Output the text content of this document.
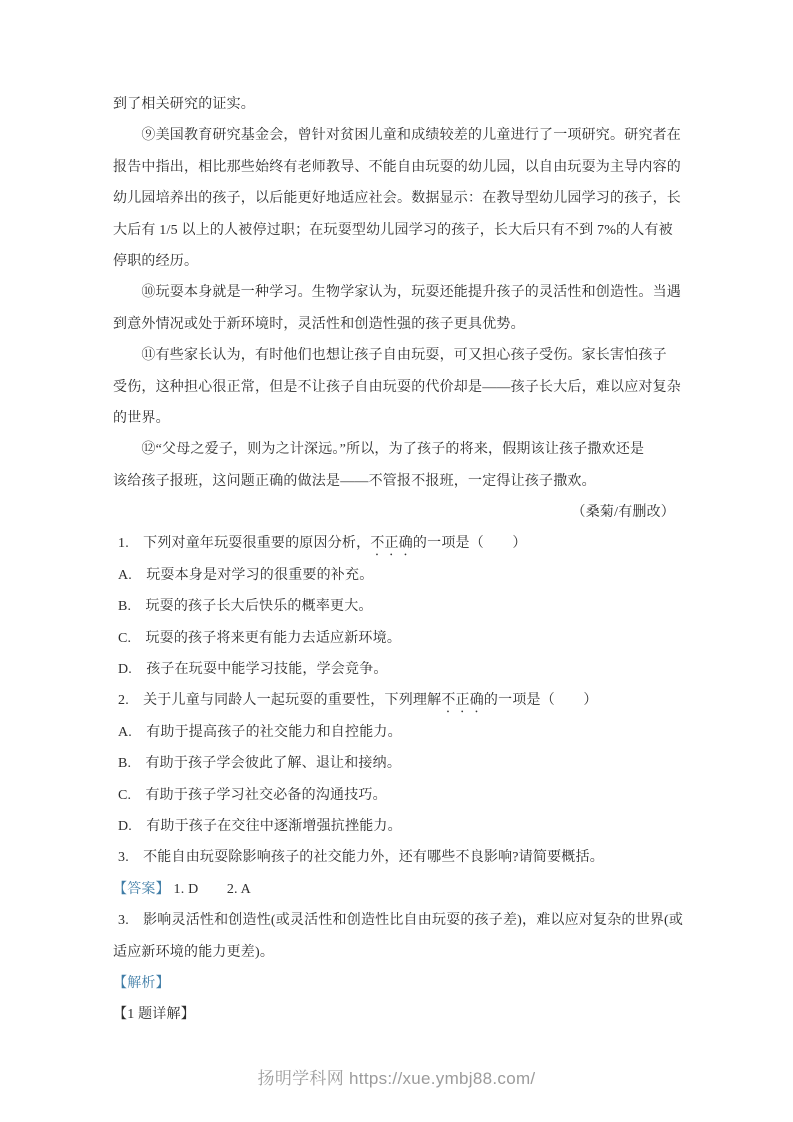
到了相关研究的证实。
　　⑨美国教育研究基金会，曾针对贫困儿童和成绩较差的儿童进行了一项研究。研究者在
报告中指出，相比那些始终有老师教导、不能自由玩耍的幼儿园，以自由玩耍为主导内容的
幼儿园培养出的孩子，以后能更好地适应社会。数据显示：在教导型幼儿园学习的孩子，长
大后有 1/5 以上的人被停过职；在玩耍型幼儿园学习的孩子，长大后只有不到 7%的人有被
停职的经历。
　　⑩玩耍本身就是一种学习。生物学家认为，玩耍还能提升孩子的灵活性和创造性。当遇
到意外情况或处于新环境时，灵活性和创造性强的孩子更具优势。
　　⑪有些家长认为，有时他们也想让孩子自由玩耍，可又担心孩子受伤。家长害怕孩子
受伤，这种担心很正常，但是不让孩子自由玩耍的代价却是——孩子长大后，难以应对复杂
的世界。
　　⑫“父母之爱子，则为之计深远。”所以，为了孩子的将来，假期该让孩子撒欢还是
该给孩子报班，这问题正确的做法是——不管报不报班，一定得让孩子撒欢。
（桑菊/有删改）
1.　下列对童年玩耍很重要的原因分析，不正确的一项是（　　）
A.　玩耍本身是对学习的很重要的补充。
B.　玩耍的孩子长大后快乐的概率更大。
C.　玩耍的孩子将来更有能力去适应新环境。
D.　孩子在玩耍中能学习技能，学会竞争。
2.　关于儿童与同龄人一起玩耍的重要性，下列理解不正确的一项是（　　）
A.　有助于提高孩子的社交能力和自控能力。
B.　有助于孩子学会彼此了解、退让和接纳。
C.　有助于孩子学习社交必备的沟通技巧。
D.　有助于孩子在交往中逐渐增强抗挫能力。
3.　不能自由玩耍除影响孩子的社交能力外，还有哪些不良影响?请简要概括。
【答案】 1. D　　2. A
3.　影响灵活性和创造性(或灵活性和创造性比自由玩耍的孩子差)，难以应对复杂的世界(或
适应新环境的能力更差)。
【解析】
【1 题详解】
扬明学科网 https://xue.ymbj88.com/
